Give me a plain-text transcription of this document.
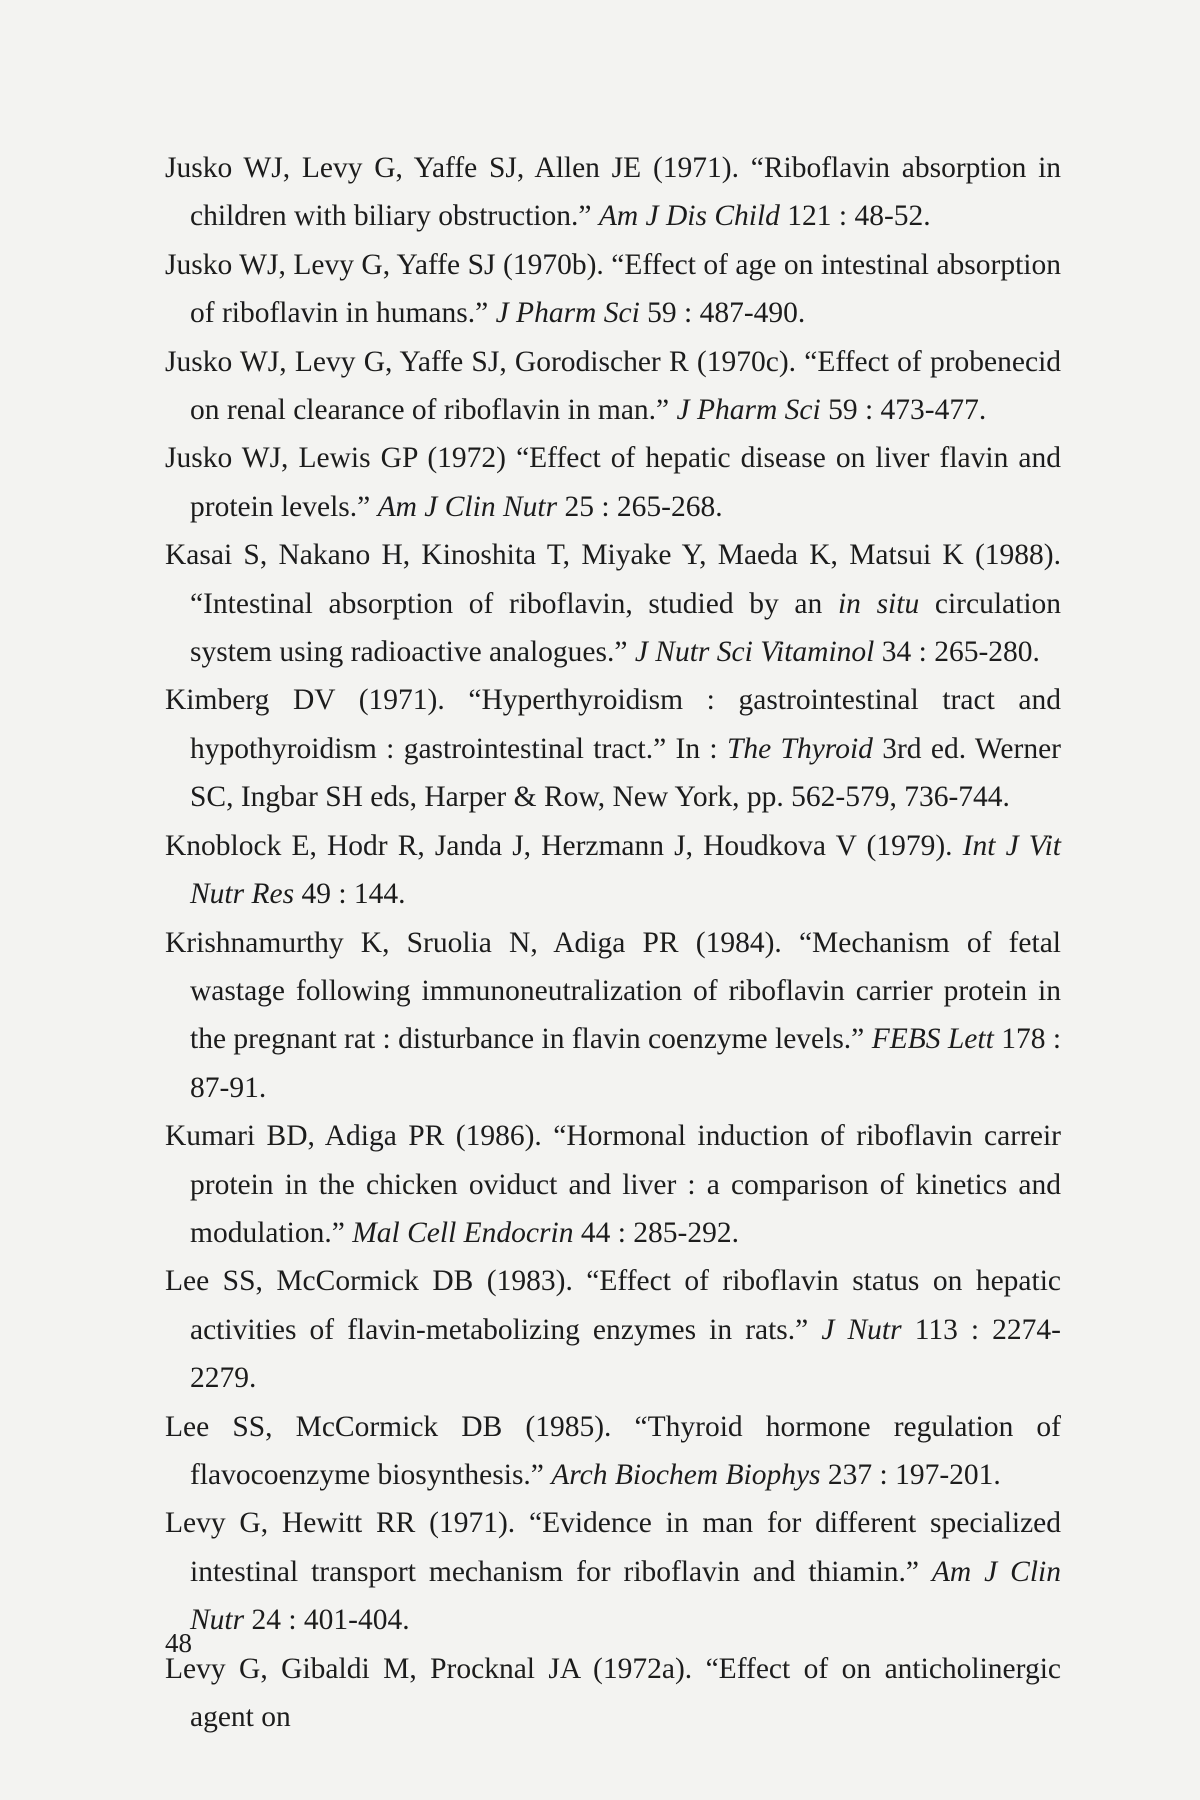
Jusko WJ, Levy G, Yaffe SJ, Allen JE (1971). “Riboflavin absorption in children with biliary obstruction.” Am J Dis Child 121 : 48-52.

Jusko WJ, Levy G, Yaffe SJ (1970b). “Effect of age on intestinal absorption of riboflavin in humans.” J Pharm Sci 59 : 487-490.

Jusko WJ, Levy G, Yaffe SJ, Gorodischer R (1970c). “Effect of probenecid on renal clearance of riboflavin in man.” J Pharm Sci 59 : 473-477.

Jusko WJ, Lewis GP (1972) “Effect of hepatic disease on liver flavin and protein levels.” Am J Clin Nutr 25 : 265-268.

Kasai S, Nakano H, Kinoshita T, Miyake Y, Maeda K, Matsui K (1988). “Intestinal absorption of riboflavin, studied by an in situ circulation system using radioactive analogues.” J Nutr Sci Vitaminol 34 : 265-280.

Kimberg DV (1971). “Hyperthyroidism : gastrointestinal tract and hypothyroidism : gastrointestinal tract.” In : The Thyroid 3rd ed. Werner SC, Ingbar SH eds, Harper & Row, New York, pp. 562-579, 736-744.

Knoblock E, Hodr R, Janda J, Herzmann J, Houdkova V (1979). Int J Vit Nutr Res 49 : 144.

Krishnamurthy K, Sruolia N, Adiga PR (1984). “Mechanism of fetal wastage following immunoneutralization of riboflavin carrier protein in the pregnant rat : disturbance in flavin coenzyme levels.” FEBS Lett 178 : 87-91.

Kumari BD, Adiga PR (1986). “Hormonal induction of riboflavin carreir protein in the chicken oviduct and liver : a comparison of kinetics and modulation.” Mal Cell Endocrin 44 : 285-292.

Lee SS, McCormick DB (1983). “Effect of riboflavin status on hepatic activities of flavin-metabolizing enzymes in rats.” J Nutr 113 : 2274-2279.

Lee SS, McCormick DB (1985). “Thyroid hormone regulation of flavocoenzyme biosynthesis.” Arch Biochem Biophys 237 : 197-201.

Levy G, Hewitt RR (1971). “Evidence in man for different specialized intestinal transport mechanism for riboflavin and thiamin.” Am J Clin Nutr 24 : 401-404.

Levy G, Gibaldi M, Procknal JA (1972a). “Effect of on anticholinergic agent on

48
